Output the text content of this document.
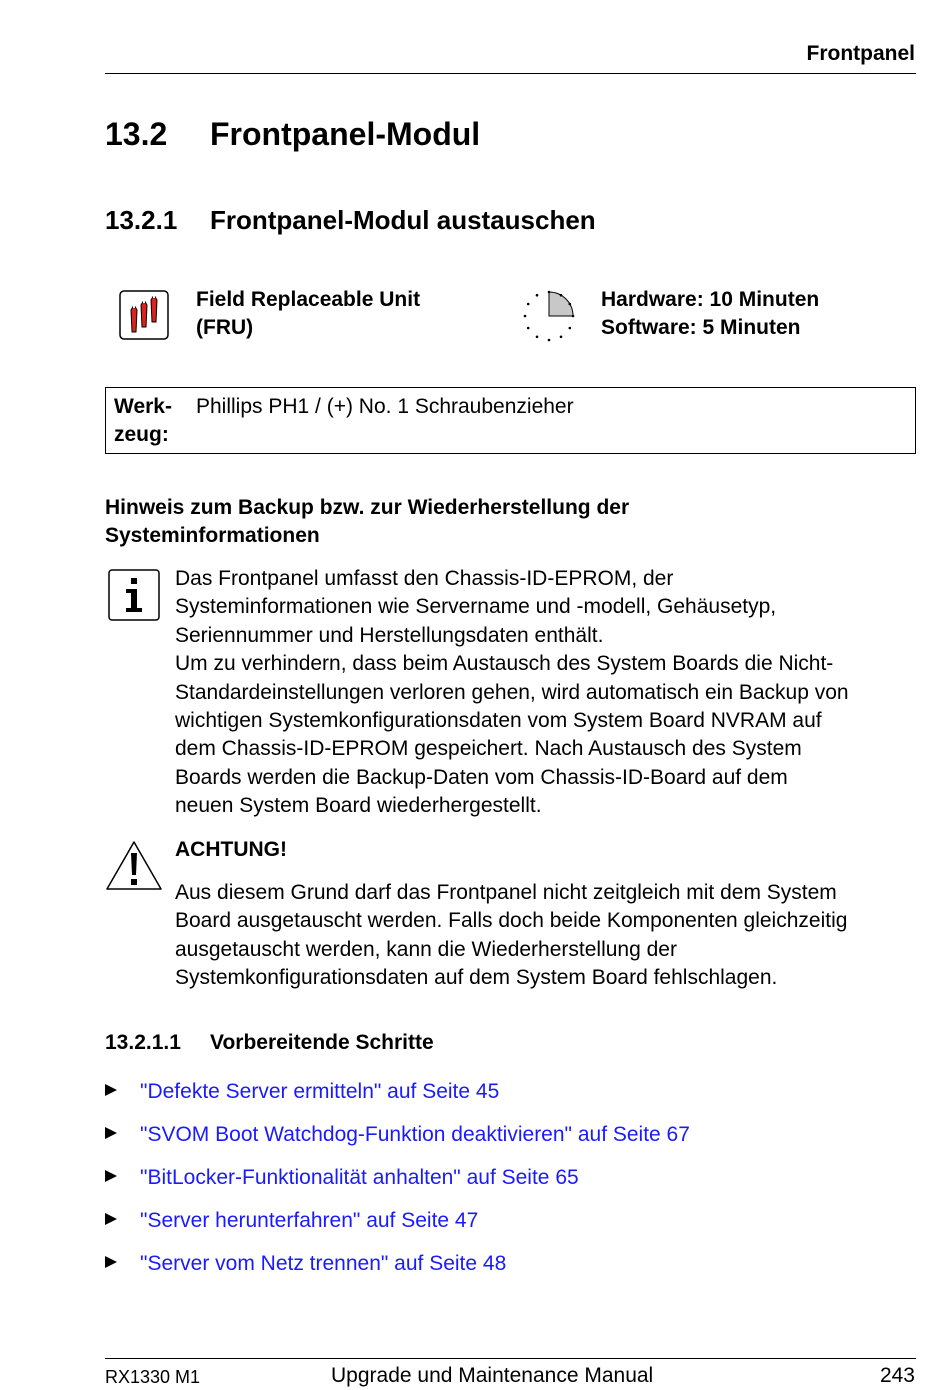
Frontpanel
13.2 Frontpanel-Modul
13.2.1 Frontpanel-Modul austauschen
Field Replaceable Unit
(FRU)
Hardware: 10 Minuten
Software: 5 Minuten
Werk-
zeug:
Phillips PH1 / (+) No. 1 Schraubenzieher
Hinweis zum Backup bzw. zur Wiederherstellung der
Systeminformationen
Das Frontpanel umfasst den Chassis-ID-EPROM, der
Systeminformationen wie Servername und -modell, Gehäusetyp,
Seriennummer und Herstellungsdaten enthält.
Um zu verhindern, dass beim Austausch des System Boards die Nicht-
Standardeinstellungen verloren gehen, wird automatisch ein Backup von
wichtigen Systemkonfigurationsdaten vom System Board NVRAM auf
dem Chassis-ID-EPROM gespeichert. Nach Austausch des System
Boards werden die Backup-Daten vom Chassis-ID-Board auf dem
neuen System Board wiederhergestellt.
ACHTUNG!
Aus diesem Grund darf das Frontpanel nicht zeitgleich mit dem System
Board ausgetauscht werden. Falls doch beide Komponenten gleichzeitig
ausgetauscht werden, kann die Wiederherstellung der
Systemkonfigurationsdaten auf dem System Board fehlschlagen.
13.2.1.1 Vorbereitende Schritte
"Defekte Server ermitteln" auf Seite 45
"SVOM Boot Watchdog-Funktion deaktivieren" auf Seite 67
"BitLocker-Funktionalität anhalten" auf Seite 65
"Server herunterfahren" auf Seite 47
"Server vom Netz trennen" auf Seite 48
RX1330 M1	Upgrade und Maintenance Manual	243
